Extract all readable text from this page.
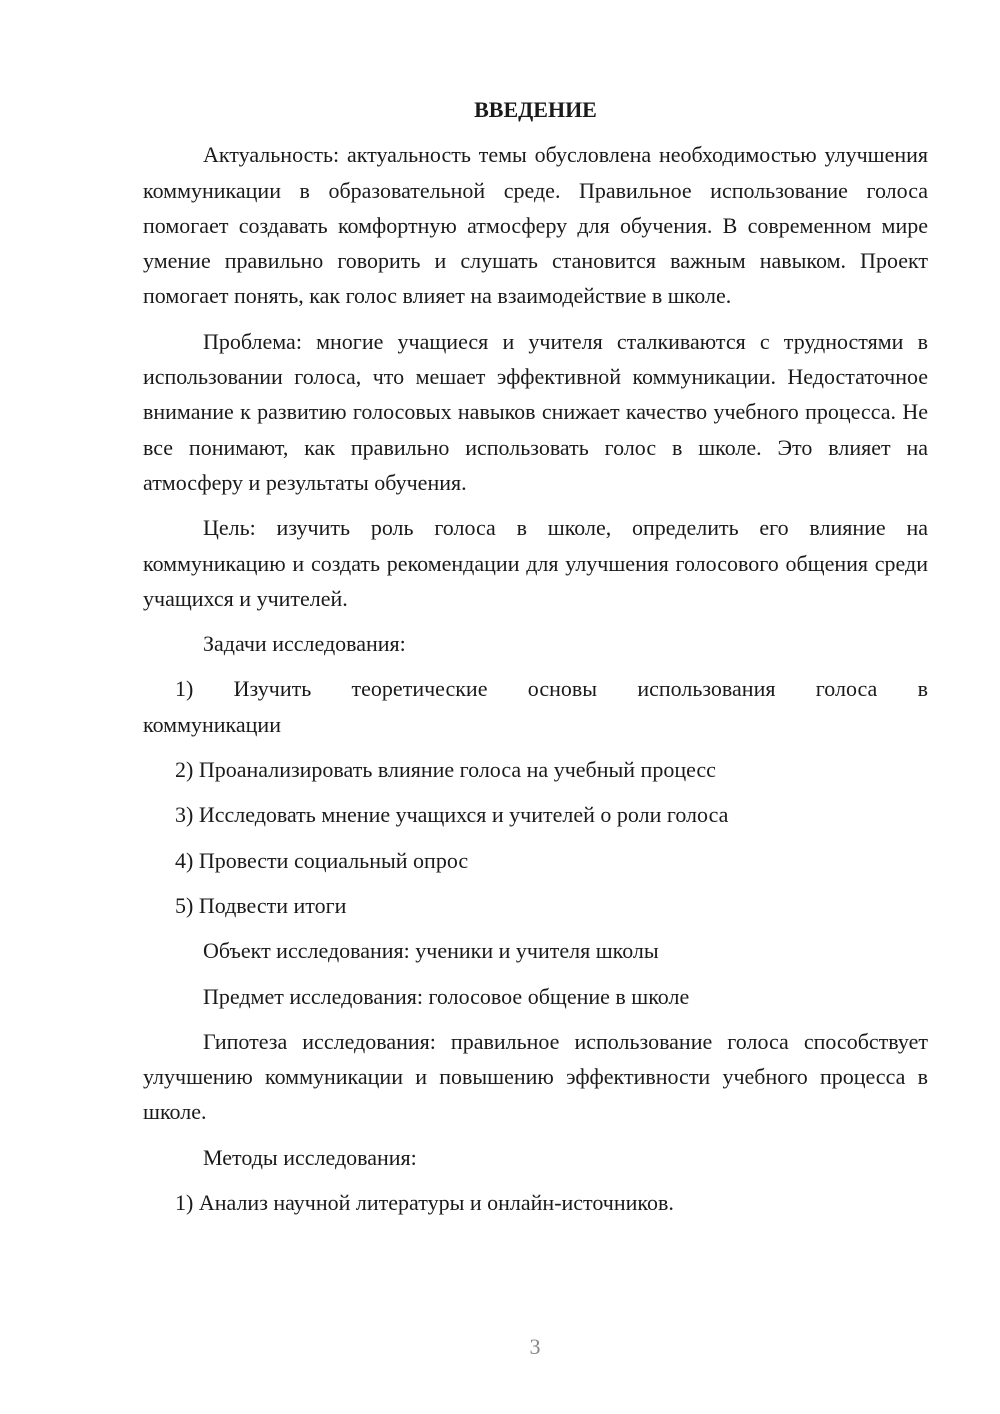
ВВЕДЕНИЕ

Актуальность: актуальность темы обусловлена необходимостью улучшения коммуникации в образовательной среде. Правильное использование голоса помогает создавать комфортную атмосферу для обучения. В современном мире умение правильно говорить и слушать становится важным навыком. Проект помогает понять, как голос влияет на взаимодействие в школе.

Проблема: многие учащиеся и учителя сталкиваются с трудностями в использовании голоса, что мешает эффективной коммуникации. Недостаточное внимание к развитию голосовых навыков снижает качество учебного процесса. Не все понимают, как правильно использовать голос в школе. Это влияет на атмосферу и результаты обучения.

Цель: изучить роль голоса в школе, определить его влияние на коммуникацию и создать рекомендации для улучшения голосового общения среди учащихся и учителей.

Задачи исследования:

1) Изучить теоретические основы использования голоса в

коммуникации

2) Проанализировать влияние голоса на учебный процесс

3) Исследовать мнение учащихся и учителей о роли голоса

4) Провести социальный опрос

5) Подвести итоги

Объект исследования: ученики и учителя школы

Предмет исследования: голосовое общение в школе

Гипотеза исследования: правильное использование голоса способствует улучшению коммуникации и повышению эффективности учебного процесса в школе.

Методы исследования:

1) Анализ научной литературы и онлайн-источников.

3
